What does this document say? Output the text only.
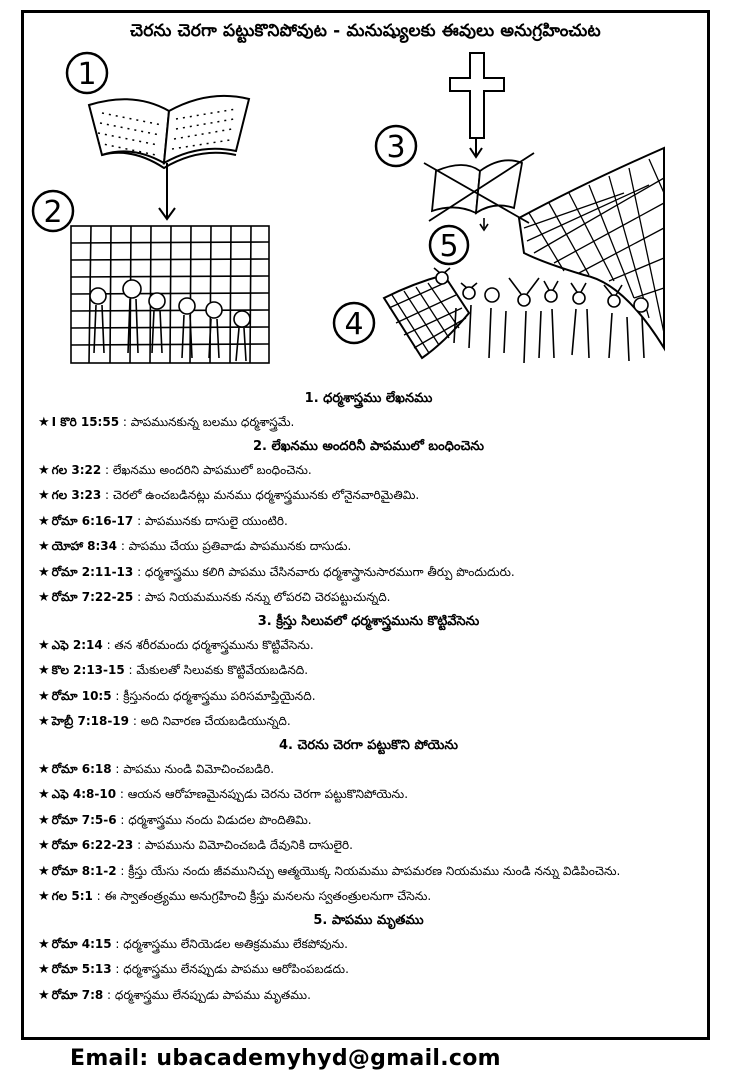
చెరను చెరగా పట్టుకొనిపోవుట - మనుష్యులకు ఈవులు అనుగ్రహించుట
1
2
3
4
5

1. ధర్మశాస్త్రము లేఖనము

★ I కొరి 15:55 : పాపమునకున్న బలము ధర్మశాస్త్రమే.

2. లేఖనము అందరినీ పాపములో బంధించెను

★ గల 3:22 : లేఖనము అందరిని పాపములో బంధించెను.

★ గల 3:23 : చెరలో ఉంచబడినట్లు మనము ధర్మశాస్త్రమునకు లోనైనవారిమైతిమి.

★ రోమా 6:16-17 : పాపమునకు దాసులై యుంటిరి.

★ యోహా 8:34 : పాపము చేయు ప్రతివాడు పాపమునకు దాసుడు.

★ రోమా 2:11-13 : ధర్మశాస్త్రము కలిగి పాపము చేసినవారు ధర్మశాస్త్రానుసారముగా తీర్పు పొందుదురు.

★ రోమా 7:22-25 : పాప నియమమునకు నన్ను లోపరచి చెరపట్టుచున్నది.

3. క్రీస్తు సిలువలో ధర్మశాస్త్రమును కొట్టివేసెను

★ ఎఫె 2:14 : తన శరీరమందు ధర్మశాస్త్రమును కొట్టివేసెను.

★ కొల 2:13-15 : మేకులతో సిలువకు కొట్టివేయబడినది.

★ రోమా 10:5 : క్రీస్తునందు ధర్మశాస్త్రము పరిసమాప్తియైనది.

★ హెబ్రీ 7:18-19 : అది నివారణ చేయబడియున్నది.

4. చెరను చెరగా పట్టుకొని పోయెను

★ రోమా 6:18 : పాపము నుండి విమోచించబడిరి.

★ ఎఫె 4:8-10 : ఆయన ఆరోహణమైనప్పుడు చెరను చెరగా పట్టుకొనిపోయెను.

★ రోమా 7:5-6 : ధర్మశాస్త్రము నందు విడుదల పొందితిమి.

★ రోమా 6:22-23 : పాపమును విమోచించబడి దేవునికి దాసులైరి.

★ రోమా 8:1-2 : క్రీస్తు యేసు నందు జీవమునిచ్చు ఆత్మయొక్క నియమము పాపమరణ నియమము నుండి నన్ను విడిపించెను.

★ గల 5:1 : ఈ స్వాతంత్ర్యము అనుగ్రహించి క్రీస్తు మనలను స్వతంత్రులనుగా చేసెను.

5. పాపము మృతము

★ రోమా 4:15 : ధర్మశాస్త్రము లేనియెడల అతిక్రమము లేకపోవును.

★ రోమా 5:13 : ధర్మశాస్త్రము లేనప్పుడు పాపము ఆరోపింపబడదు.

★ రోమా 7:8 : ధర్మశాస్త్రము లేనప్పుడు పాపము మృతము.

Email: ubacademyhyd@gmail.com
